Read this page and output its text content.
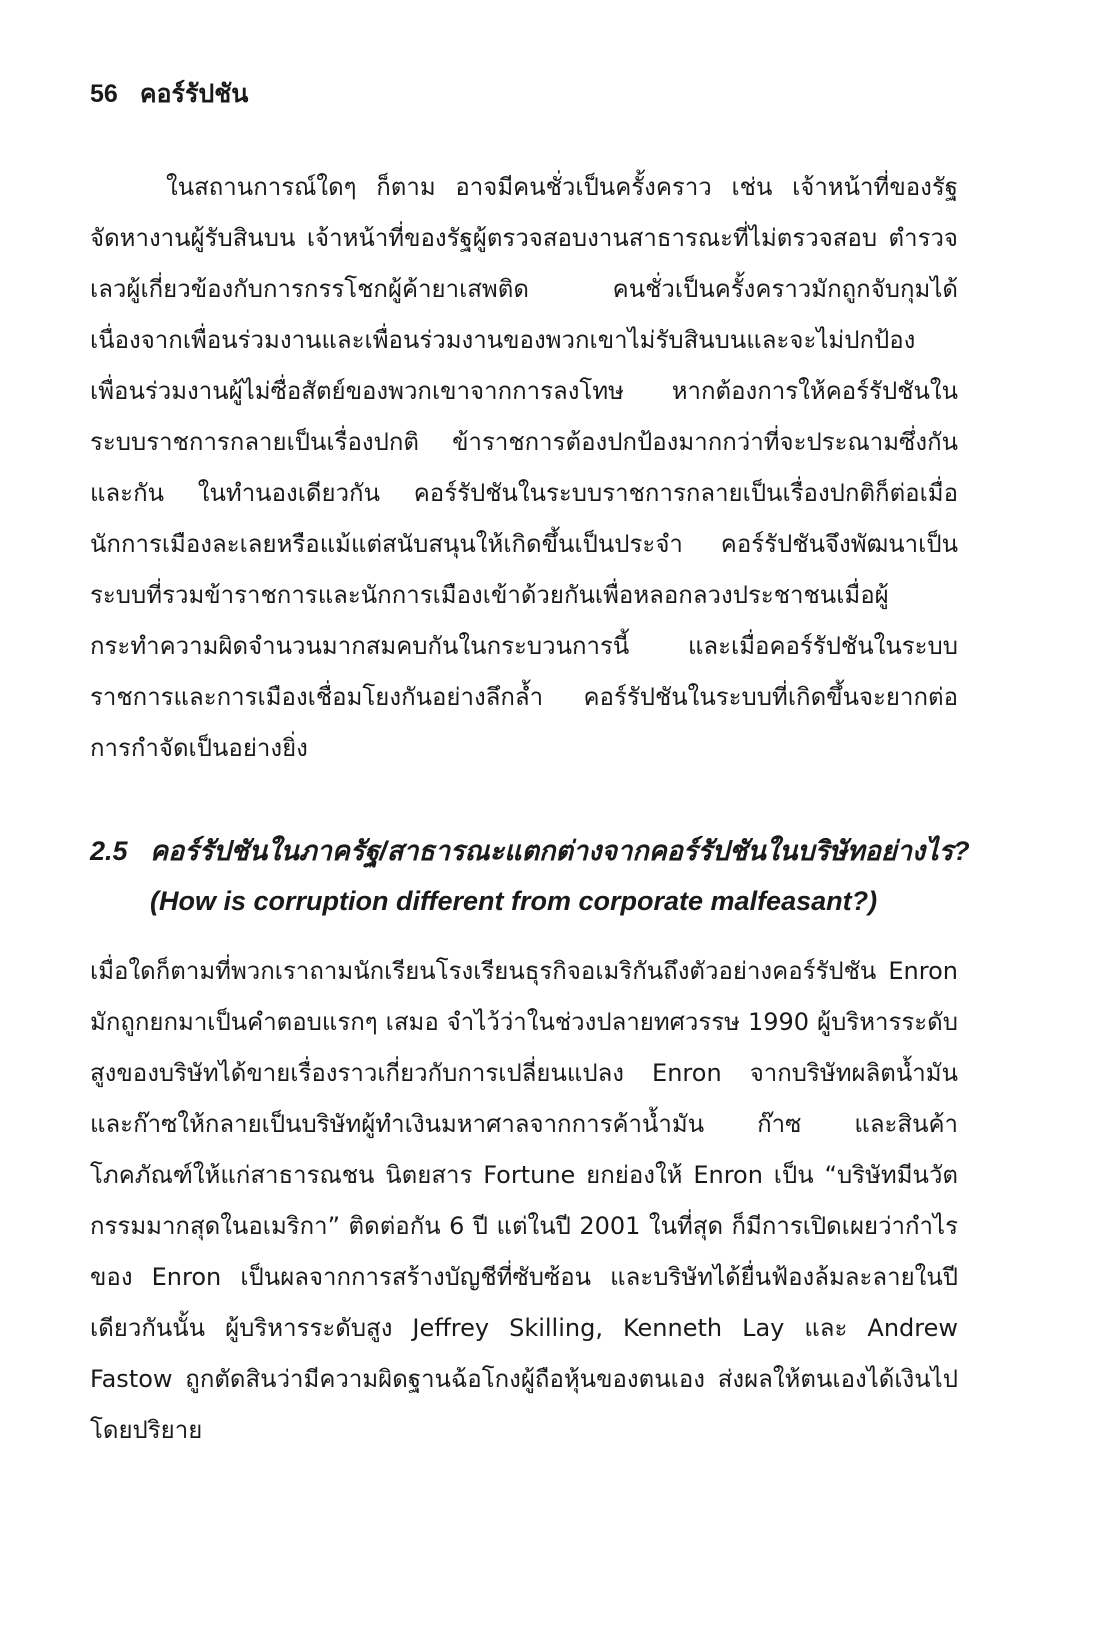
56 คอร์รัปชัน

ในสถานการณ์ใดๆ ก็ตาม อาจมีคนชั่วเป็นครั้งคราว เช่น เจ้าหน้าที่ของรัฐจัดหางานผู้รับสินบน เจ้าหน้าที่ของรัฐผู้ตรวจสอบงานสาธารณะที่ไม่ตรวจสอบ ตำรวจเลวผู้เกี่ยวข้องกับการกรรโชกผู้ค้ายาเสพติด คนชั่วเป็นครั้งคราวมักถูกจับกุมได้เนื่องจากเพื่อนร่วมงานและเพื่อนร่วมงานของพวกเขาไม่รับสินบนและจะไม่ปกป้องเพื่อนร่วมงานผู้ไม่ซื่อสัตย์ของพวกเขาจากการลงโทษ หากต้องการให้คอร์รัปชันในระบบราชการกลายเป็นเรื่องปกติ ข้าราชการต้องปกป้องมากกว่าที่จะประณามซึ่งกันและกัน ในทำนองเดียวกัน คอร์รัปชันในระบบราชการกลายเป็นเรื่องปกติก็ต่อเมื่อนักการเมืองละเลยหรือแม้แต่สนับสนุนให้เกิดขึ้นเป็นประจำ คอร์รัปชันจึงพัฒนาเป็นระบบที่รวมข้าราชการและนักการเมืองเข้าด้วยกันเพื่อหลอกลวงประชาชนเมื่อผู้กระทำความผิดจำนวนมากสมคบกันในกระบวนการนี้ และเมื่อคอร์รัปชันในระบบราชการและการเมืองเชื่อมโยงกันอย่างลึกล้ำ คอร์รัปชันในระบบที่เกิดขึ้นจะยากต่อการกำจัดเป็นอย่างยิ่ง

2.5 คอร์รัปชันในภาครัฐ/สาธารณะแตกต่างจากคอร์รัปชันในบริษัทอย่างไร?
(How is corruption different from corporate malfeasant?)

เมื่อใดก็ตามที่พวกเราถามนักเรียนโรงเรียนธุรกิจอเมริกันถึงตัวอย่างคอร์รัปชัน Enron มักถูกยกมาเป็นคำตอบแรกๆ เสมอ จำไว้ว่าในช่วงปลายทศวรรษ 1990 ผู้บริหารระดับสูงของบริษัทได้ขายเรื่องราวเกี่ยวกับการเปลี่ยนแปลง Enron จากบริษัทผลิตน้ำมันและก๊าซให้กลายเป็นบริษัทผู้ทำเงินมหาศาลจากการค้าน้ำมัน ก๊าซ และสินค้าโภคภัณฑ์ให้แก่สาธารณชน นิตยสาร Fortune ยกย่องให้ Enron เป็น “บริษัทมีนวัตกรรมมากสุดในอเมริกา” ติดต่อกัน 6 ปี แต่ในปี 2001 ในที่สุด ก็มีการเปิดเผยว่ากำไรของ Enron เป็นผลจากการสร้างบัญชีที่ซับซ้อน และบริษัทได้ยื่นฟ้องล้มละลายในปีเดียวกันนั้น ผู้บริหารระดับสูง Jeffrey Skilling, Kenneth Lay และ Andrew Fastow ถูกตัดสินว่ามีความผิดฐานฉ้อโกงผู้ถือหุ้นของตนเอง ส่งผลให้ตนเองได้เงินไปโดยปริยาย
